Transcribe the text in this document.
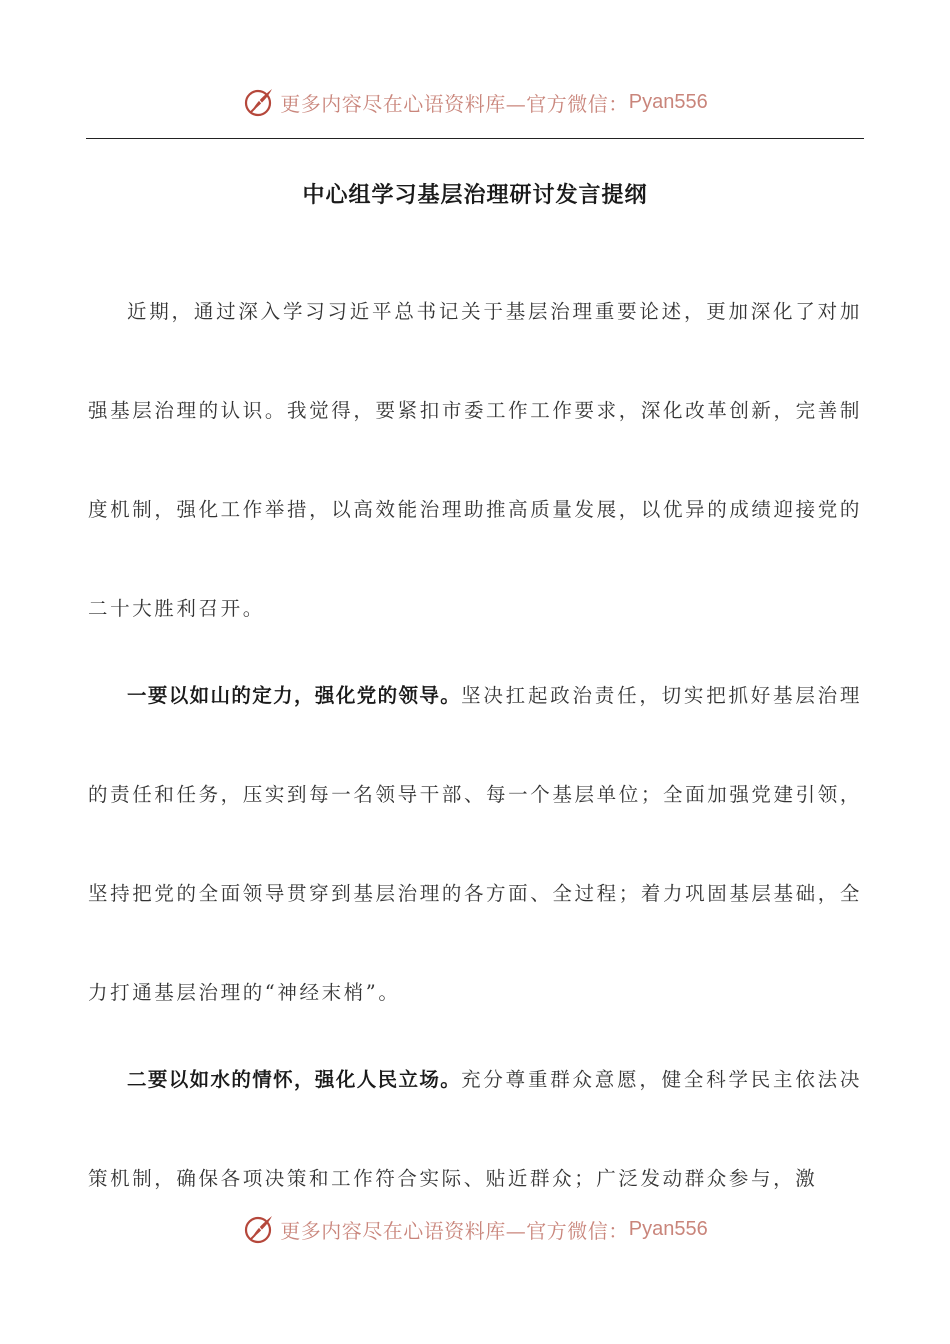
更多内容尽在心语资料库—官方微信： Pyan556
中心组学习基层治理研讨发言提纲

近期，通过深入学习习近平总书记关于基层治理重要论述，更加深化了对加强基层治理的认识。我觉得，要紧扣市委工作工作要求，深化改革创新，完善制度机制，强化工作举措，以高效能治理助推高质量发展，以优异的成绩迎接党的二十大胜利召开。

一要以如山的定力，强化党的领导。坚决扛起政治责任，切实把抓好基层治理的责任和任务，压实到每一名领导干部、每一个基层单位；全面加强党建引领，坚持把党的全面领导贯穿到基层治理的各方面、全过程；着力巩固基层基础，全力打通基层治理的“神经末梢”。

二要以如水的情怀，强化人民立场。充分尊重群众意愿，健全科学民主依法决策机制，确保各项决策和工作符合实际、贴近群众；广泛发动群众参与，激

更多内容尽在心语资料库—官方微信： Pyan556
